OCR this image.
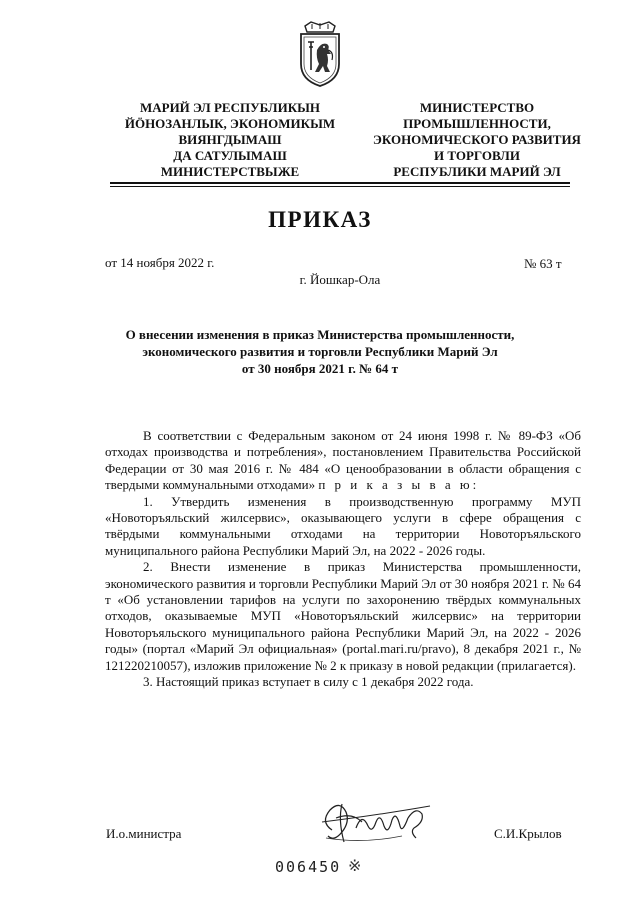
МАРИЙ ЭЛ РЕСПУБЛИКЫН
ЙÖНОЗАНЛЫК, ЭКОНОМИКЫМ
ВИЯНГДЫМАШ
ДА САТУЛЫМАШ
МИНИСТЕРСТВЫЖЕ
МИНИСТЕРСТВО
ПРОМЫШЛЕННОСТИ,
ЭКОНОМИЧЕСКОГО РАЗВИТИЯ
И ТОРГОВЛИ
РЕСПУБЛИКИ МАРИЙ ЭЛ
ПРИКАЗ
от 14 ноября 2022 г.	№ 63 т
г. Йошкар-Ола
О внесении изменения в приказ Министерства промышленности,
экономического развития и торговли Республики Марий Эл
от 30 ноября 2021 г. № 64 т

В соответствии с Федеральным законом от 24 июня 1998 г. № 89-ФЗ «Об отходах производства и потребления», постановлением Правительства Российской Федерации от 30 мая 2016 г. № 484 «О ценообразовании в области обращения с твердыми коммунальными отходами» п р и к а з ы в а ю:

1. Утвердить изменения в производственную программу МУП «Новоторъяльский жилсервис», оказывающего услуги в сфере обращения с твёрдыми коммунальными отходами на территории Новоторъяльского муниципального района Республики Марий Эл, на 2022 - 2026 годы.

2. Внести изменение в приказ Министерства промышленности, экономического развития и торговли Республики Марий Эл от 30 ноября 2021 г. № 64 т «Об установлении тарифов на услуги по захоронению твёрдых коммунальных отходов, оказываемые МУП «Новоторъяльский жилсервис» на территории Новоторъяльского муниципального района Республики Марий Эл, на 2022 - 2026 годы» (портал «Марий Эл официальная» (portal.mari.ru/pravo), 8 декабря 2021 г., № 121220210057), изложив приложение № 2 к приказу в новой редакции (прилагается).

3. Настоящий приказ вступает в силу с 1 декабря 2022 года.

И.о.министра	С.И.Крылов
006450 ※
